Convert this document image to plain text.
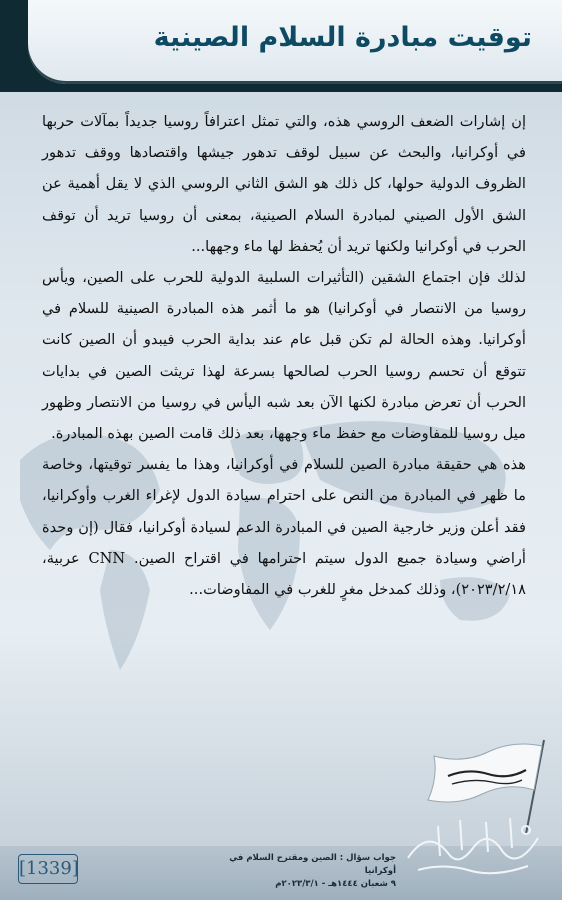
توقيت مبادرة السلام الصينية

إن إشارات الضعف الروسي هذه، والتي تمثل اعترافاً روسيا جديداً بمآلات حربها في أوكرانيا، والبحث عن سبيل لوقف تدهور جيشها واقتصادها ووقف تدهور الظروف الدولية حولها، كل ذلك هو الشق الثاني الروسي الذي لا يقل أهمية عن الشق الأول الصيني لمبادرة السلام الصينية، بمعنى أن روسيا تريد أن توقف الحرب في أوكرانيا ولكنها تريد أن يُحفظ لها ماء وجهها...

لذلك فإن اجتماع الشقين (التأثيرات السلبية الدولية للحرب على الصين، ويأس روسيا من الانتصار في أوكرانيا) هو ما أثمر هذه المبادرة الصينية للسلام في أوكرانيا. وهذه الحالة لم تكن قبل عام عند بداية الحرب فيبدو أن الصين كانت تتوقع أن تحسم روسيا الحرب لصالحها بسرعة لهذا تريثت الصين في بدايات الحرب أن تعرض مبادرة لكنها الآن بعد شبه اليأس في روسيا من الانتصار وظهور ميل روسيا للمفاوضات مع حفظ ماء وجهها، بعد ذلك قامت الصين بهذه المبادرة.

هذه هي حقيقة مبادرة الصين للسلام في أوكرانيا، وهذا ما يفسر توقيتها، وخاصة ما ظهر في المبادرة من النص على احترام سيادة الدول لإغراء الغرب وأوكرانيا، فقد أعلن وزير خارجية الصين في المبادرة الدعم لسيادة أوكرانيا، فقال (إن وحدة أراضي وسيادة جميع الدول سيتم احترامها في اقتراح الصين. CNN عربية، ٢٠٢٣/٢/١٨)، وذلك كمدخل مغرٍ للغرب في المفاوضات...

جواب سؤال : الصين ومقترح السلام في أوكرانيا
٩ شعبان ١٤٤٤هـ - ٢٠٢٣/٣/١م
[1339]
